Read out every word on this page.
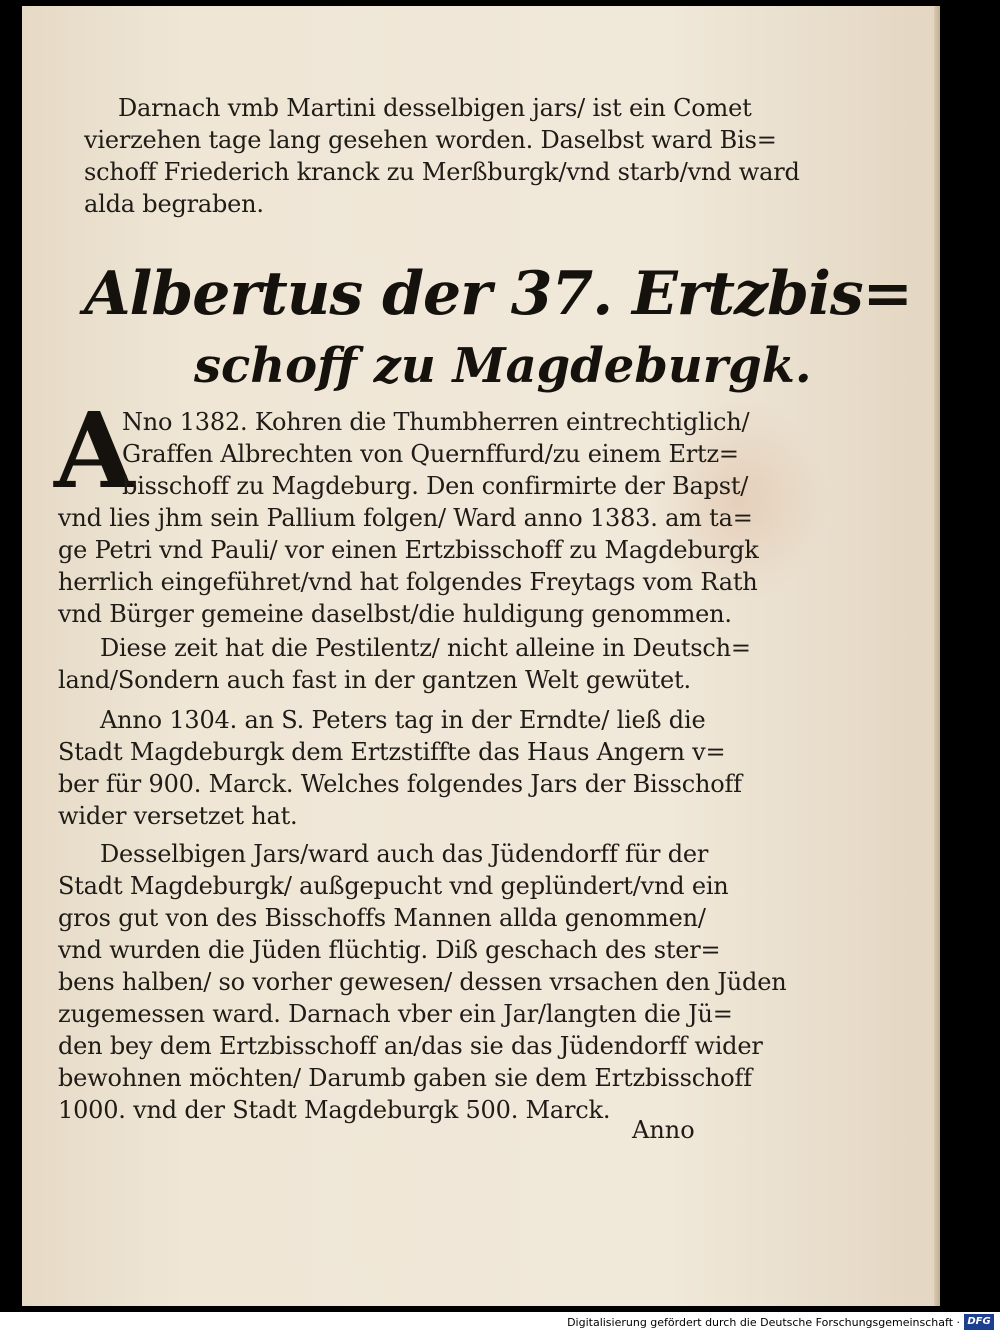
Darnach vmb Martini desselbigen jars/ ist ein Comet
vierzehen tage lang gesehen worden. Daselbst ward Bis=
schoff Friederich kranck zu Merßburgk/vnd starb/vnd ward
alda begraben.
Albertus der 37. Ertzbis=
schoff zu Magdeburgk.
A
Nno 1382. Kohren die Thumbherren eintrechtiglich/
Graffen Albrechten von Quernffurd/zu einem Ertz=
bisschoff zu Magdeburg. Den confirmirte der Bapst/
vnd lies jhm sein Pallium folgen/ Ward anno 1383. am ta=
ge Petri vnd Pauli/ vor einen Ertzbisschoff zu Magdeburgk
herrlich eingeführet/vnd hat folgendes Freytags vom Rath
vnd Bürger gemeine daselbst/die huldigung genommen.
Diese zeit hat die Pestilentz/ nicht alleine in Deutsch=
land/Sondern auch fast in der gantzen Welt gewütet.
Anno 1304. an S. Peters tag in der Erndte/ ließ die
Stadt Magdeburgk dem Ertzstiffte das Haus Angern v=
ber für 900. Marck. Welches folgendes Jars der Bisschoff
wider versetzet hat.
Desselbigen Jars/ward auch das Jüdendorff für der
Stadt Magdeburgk/ außgepucht vnd geplündert/vnd ein
gros gut von des Bisschoffs Mannen allda genommen/
vnd wurden die Jüden flüchtig. Diß geschach des ster=
bens halben/ so vorher gewesen/ dessen vrsachen den Jüden
zugemessen ward. Darnach vber ein Jar/langten die Jü=
den bey dem Ertzbisschoff an/das sie das Jüdendorff wider
bewohnen möchten/ Darumb gaben sie dem Ertzbisschoff
1000. vnd der Stadt Magdeburgk 500. Marck.
Anno
Digitalisierung gefördert durch die Deutsche Forschungsgemeinschaft · DFG
